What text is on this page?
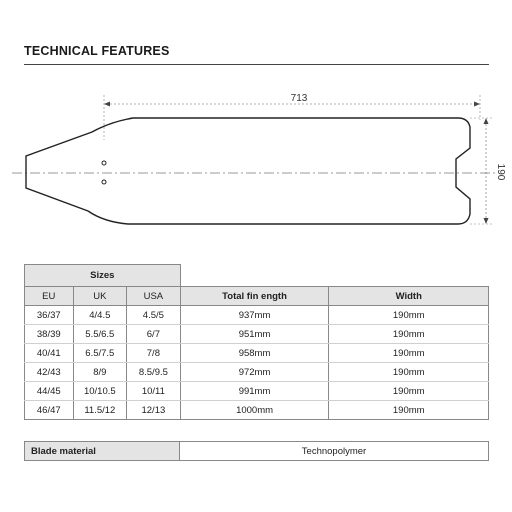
TECHNICAL FEATURES
713
190
Sizes				
EU	UK	USA	Total fin ength	Width
36/37	4/4.5	4.5/5	937mm	190mm
38/39	5.5/6.5	6/7	951mm	190mm
40/41	6.5/7.5	7/8	958mm	190mm
42/43	8/9	8.5/9.5	972mm	190mm
44/45	10/10.5	10/11	991mm	190mm
46/47	11.5/12	12/13	1000mm	190mm
Blade material	Technopolymer
